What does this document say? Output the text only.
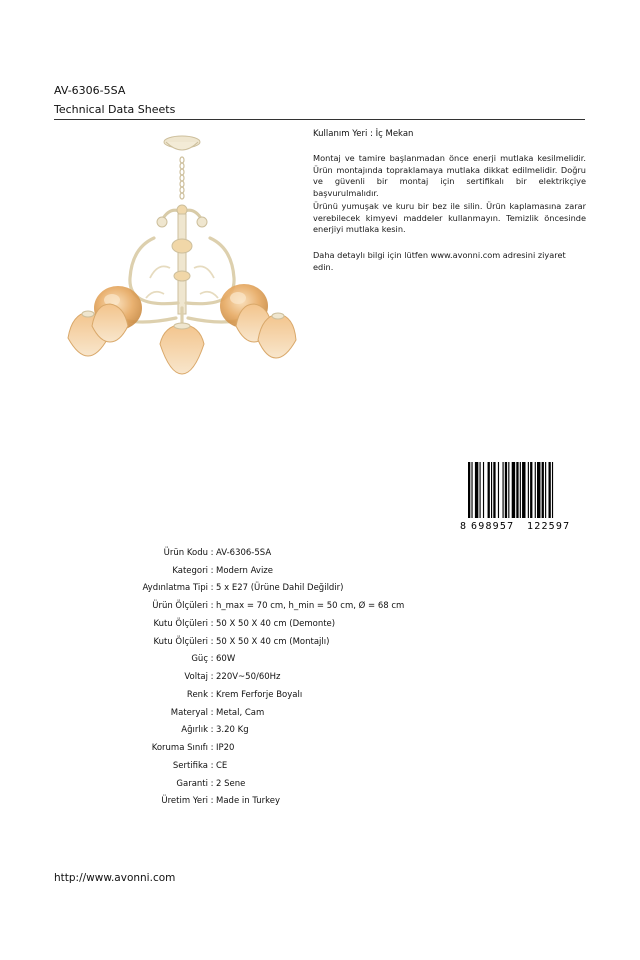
AV-6306-5SA
Technical Data Sheets
Kullanım Yeri : İç Mekan
Montaj ve tamire başlanmadan önce enerji mutlaka kesilmelidir. Ürün montajında topraklamaya mutlaka dikkat edilmelidir. Doğru ve güvenli bir montaj için sertifikalı bir elektrikçiye başvurulmalıdır.
Ürünü yumuşak ve kuru bir bez ile silin. Ürün kaplamasına zarar verebilecek kimyevi maddeler kullanmayın. Temizlik öncesinde enerjiyi mutlaka kesin.
Daha detaylı bilgi için lütfen www.avonni.com adresini ziyaret edin.
8 698957 122597
Ürün Kodu : AV-6306-5SA
Kategori : Modern Avize
Aydınlatma Tipi : 5 x E27 (Ürüne Dahil Değildir)
Ürün Ölçüleri : h_max = 70 cm, h_min = 50 cm, Ø = 68 cm
Kutu Ölçüleri : 50 X 50 X 40 cm (Demonte)
Kutu Ölçüleri : 50 X 50 X 40 cm (Montajlı)
Güç : 60W
Voltaj : 220V~50/60Hz
Renk : Krem Ferforje Boyalı
Materyal : Metal, Cam
Ağırlık : 3.20 Kg
Koruma Sınıfı : IP20
Sertifika : CE
Garanti : 2 Sene
Üretim Yeri : Made in Turkey
http://www.avonni.com
